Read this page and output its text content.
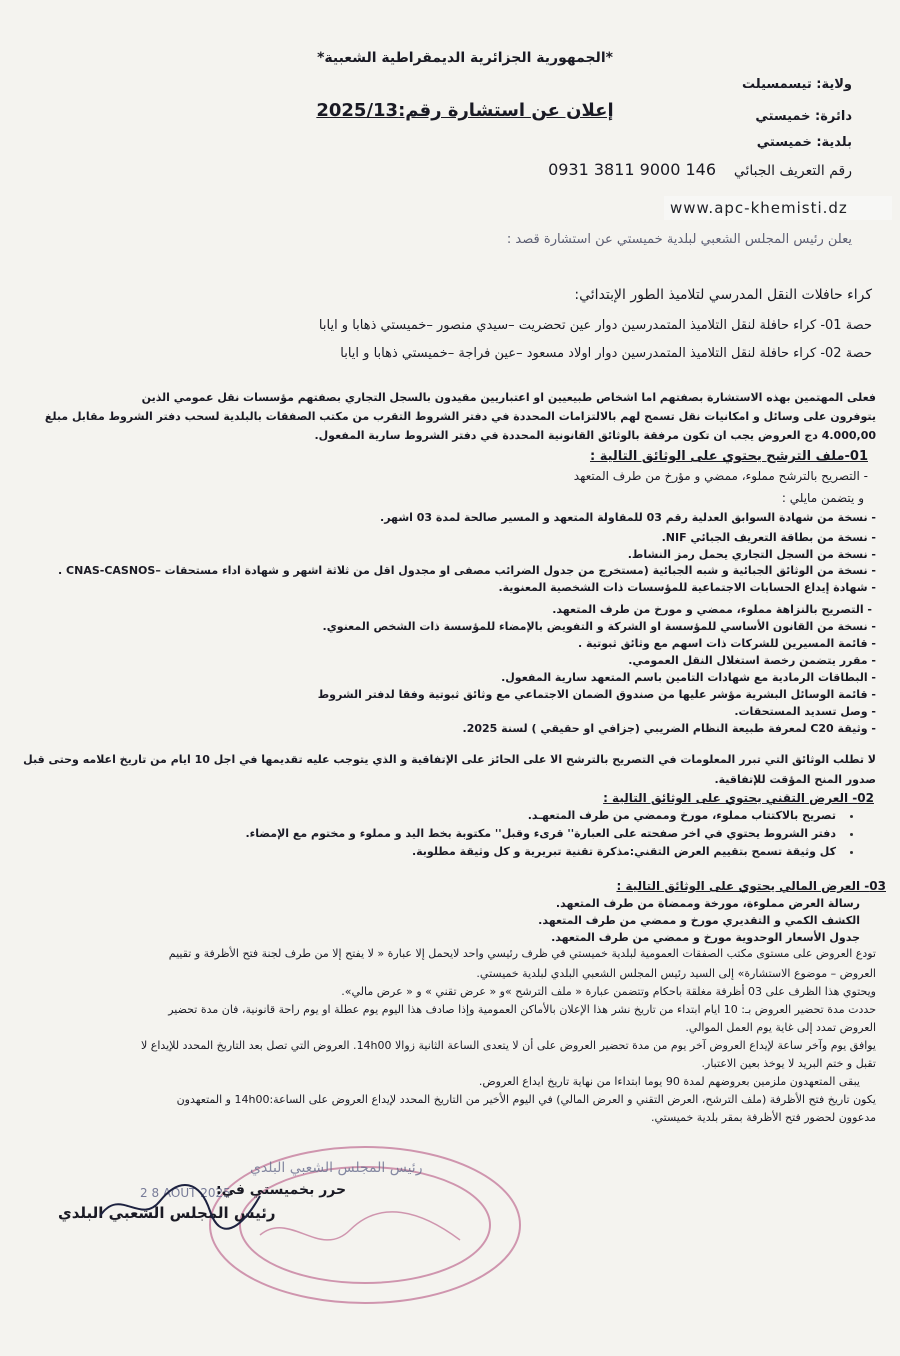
ولاية: تيسمسيلت
دائرة: خميستي
بلدية: خميستي
*الجمهورية الجزائرية الديمقراطية الشعبية*
إعلان عن استشارة رقم:2025/13
رقم التعريف الجبائي    0931 3811 9000 146
www.apc-khemisti.dz
يعلن رئيس المجلس الشعبي لبلدية خميستي عن استشارة قصد :
كراء حافلات النقل المدرسي لتلاميذ الطور الإبتدائي:
حصة 01- كراء حافلة لنقل التلاميذ المتمدرسين دوار عين تحضريت –سيدي منصور –خميستي ذهابا و ايابا
حصة 02- كراء حافلة لنقل التلاميذ المتمدرسين دوار اولاد مسعود –عين فراجة –خميستي ذهابا و ايابا
فعلى المهتمين بهذه الاستشارة بصفتهم اما اشخاص طبيعيين او اعتباريين مقيدون بالسجل التجاري بصفتهم مؤسسات نقل عمومي الذين
يتوفرون على وسائل و امكانيات نقل تسمح لهم بالالتزامات المحددة في دفتر الشروط التقرب من مكتب الصفقات بالبلدية لسحب دفتر الشروط مقابل مبلغ
4.000,00 دج العروض يجب ان تكون مرفقة بالوثائق القانونية المحددة في دفتر الشروط سارية المفعول.
01-ملف الترشح يحتوي على الوثائق التالية :
- التصريح بالترشح مملوء، ممضي و مؤرخ من طرف المتعهد
و يتضمن مايلي :
- نسخة من شهادة السوابق العدلية رقم 03 للمقاولة المتعهد و المسير صالحة لمدة 03 اشهر.
- نسخة من بطاقة التعريف الجبائي NIF.
- نسخة من السجل التجاري يحمل رمز النشاط.
- نسخة من الوثائق الجبائية و شبه الجبائية (مستخرج من جدول الضرائب مصفى او مجدول اقل من ثلاثة اشهر و شهادة اداء مستحقات –CNAS-CASNOS .
- شهادة إيداع الحسابات الاجتماعية للمؤسسات ذات الشخصية المعنوية.
- التصريح بالنزاهة مملوء، ممضي و مورخ من طرف المتعهد.
- نسخة من القانون الأساسي للمؤسسة او الشركة و التفويض بالإمضاء للمؤسسة ذات الشخص المعنوي.
- قائمة المسيرين للشركات ذات اسهم مع وثائق ثبوتية .
- مقرر يتضمن رخصة استغلال النقل العمومي.
- البطاقات الرمادية مع شهادات التامين باسم المتعهد سارية المفعول.
- قائمة الوسائل البشرية مؤشر عليها من صندوق الضمان الاجتماعي مع وثائق ثبوتية وفقا لدفتر الشروط
- وصل تسديد المستحقات.
- وثيقة C20 لمعرفة طبيعة النظام الضريبي (جزافي او حقيقي ) لسنة 2025.
لا تطلب الوثائق التي تبرر المعلومات في التصريح بالترشح الا على الحائز على الإتفاقية و الذي يتوجب عليه تقديمها في اجل 10 ايام من تاريخ اعلامه وحتى قبل
صدور المنح المؤقت للإتفاقية.
02- العرض التقني يحتوي على الوثائق التالية :
تصريح بالاكتتاب مملوء، مورخ وممضي من طرف المتعهـد.
دفتر الشروط يحتوي في اخر صفحته على العبارة'' قرىء وقبل'' مكتوبة بخط اليد و مملوء و مختوم مع الإمضاء.
كل وثيقة تسمح بتقييم العرض التقني:مذكرة تقنية تبريرية و كل وثيقة مطلوبة.
03- العرض المالي يحتوي على الوثائق التالية :
رسالة العرض مملوءة، مورخة وممضاة من طرف المتعهد.
الكشف الكمي و التقديري مورخ و ممضي من طرف المتعهد.
جدول الأسعار الوحدوية مورخ و ممضي من طرف المتعهد.
تودع العروض على مستوى مكتب الصفقات العمومية لبلدية خميستي في ظرف رئيسي واحد لايحمل إلا عبارة « لا يفتح إلا من طرف لجنة فتح الأظرفة و تقييم
العروض – موضوع الاستشارة» إلى السيد رئيس المجلس الشعبي البلدي لبلدية خميستي.
ويحتوي هذا الظرف على 03 أظرفة مغلقة باحكام وتتضمن عبارة « ملف الترشح »و « عرض تقني » و « عرض مالي».
حددت مدة تحضير العروض بـ: 10 ايام ابتداء من تاريخ نشر هذا الإعلان بالأماكن العمومية وإذا صادف هذا اليوم يوم عطلة او يوم راحة قانونية، فان مدة تحضير
العروض تمدد إلى غاية يوم العمل الموالي.
يوافق يوم وآخر ساعة لإيداع العروض آخر يوم من مدة تحضير العروض على أن لا يتعدى الساعة الثانية زوالا 14h00. العروض التي تصل بعد التاريخ المحدد للإيداع لا
تقبل و ختم البريد لا يوخذ بعين الاعتبار.
يبقى المتعهدون ملزمين بعروضهم لمدة 90 يوما ابتداءا من نهاية تاريخ ايداع العروض.
يكون تاريخ فتح الأظرفة (ملف الترشح، العرض التقني و العرض المالي) في اليوم الأخير من التاريخ المحدد لإيداع العروض على الساعة:14h00 و المتعهدون
مدعوون لحضور فتح الأظرفة بمقر بلدية خميستي.
رئيس المجلس الشعبي البلدي
2 8 AOUT 2025
حرر بخميستي في:
رئيس المجلس الشعبي البلدي
